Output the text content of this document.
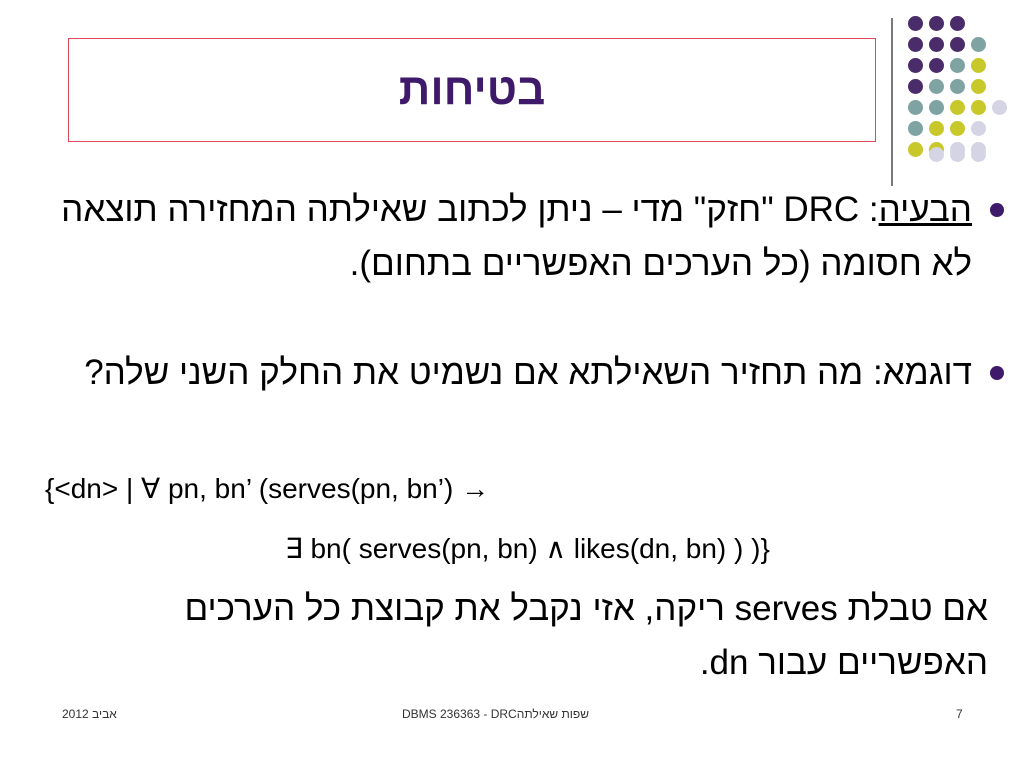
בטיחות
הבעיה: DRC "חזק" מדי – ניתן לכתוב שאילתה המחזירה תוצאה לא חסומה (כל הערכים האפשריים בתחום).
דוגמא: מה תחזיר השאילתא אם נשמיט את החלק השני שלה?
{<dn> | ∀ pn, bn’ (serves(pn, bn’) →
∃ bn( serves(pn, bn) ∧ likes(dn, bn) ) )}
אם טבלת serves ריקה, אזי נקבל את קבוצת כל הערכים האפשריים עבור dn.
אביב 2012	DBMS 236363 - DRCשפות שאילתה	7
